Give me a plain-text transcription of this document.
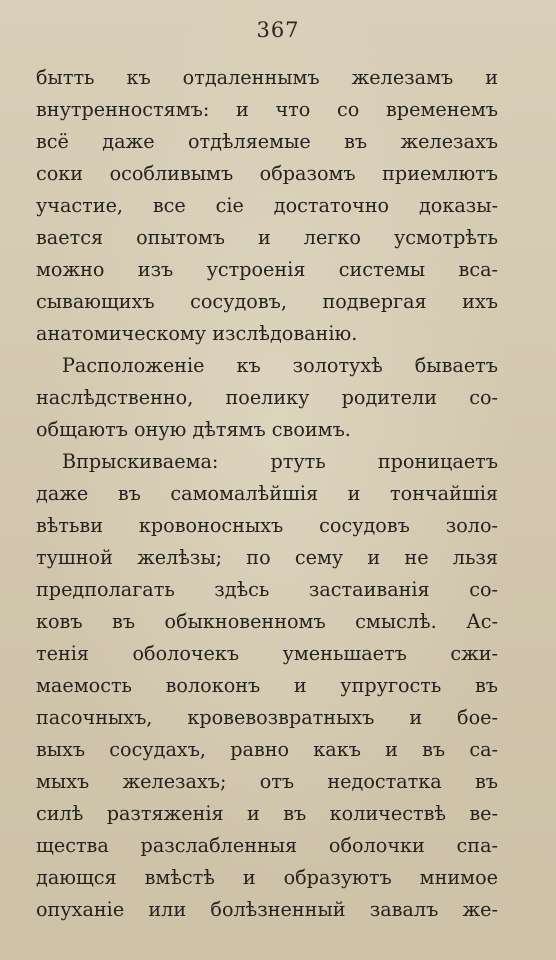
367
бытть къ отдаленнымъ железамъ и
внутренностямъ: и что со временемъ
всё даже отдѣляемые въ железахъ
соки особливымъ образомъ приемлютъ
участие, все сіе достаточно доказы-
вается опытомъ и легко усмотрѣть
можно изъ устроенія системы вса-
сывающихъ сосудовъ, подвергая ихъ
анатомическому изслѣдованію.
Расположеніе къ золотухѣ бываетъ
наслѣдственно, поелику родители со-
общаютъ оную дѣтямъ своимъ.
Впрыскиваема: ртуть проницаетъ
даже въ самомалѣйшія и тончайшія
вѣтьви кровоносныхъ сосудовъ золо-
тушной желѣзы; по сему и не льзя
предполагать здѣсь застаиванія со-
ковъ въ обыкновенномъ смыслѣ. Ас-
тенія оболочекъ уменьшаетъ сжи-
маемость волоконъ и упругость въ
пасочныхъ, кровевозвратныхъ и бое-
выхъ сосудахъ, равно какъ и въ са-
мыхъ железахъ; отъ недостатка въ
силѣ разтяженія и въ количествѣ ве-
щества разслабленныя оболочки спа-
дающся вмѣстѣ и образуютъ мнимое
опуханіе или болѣзненный завалъ же-
